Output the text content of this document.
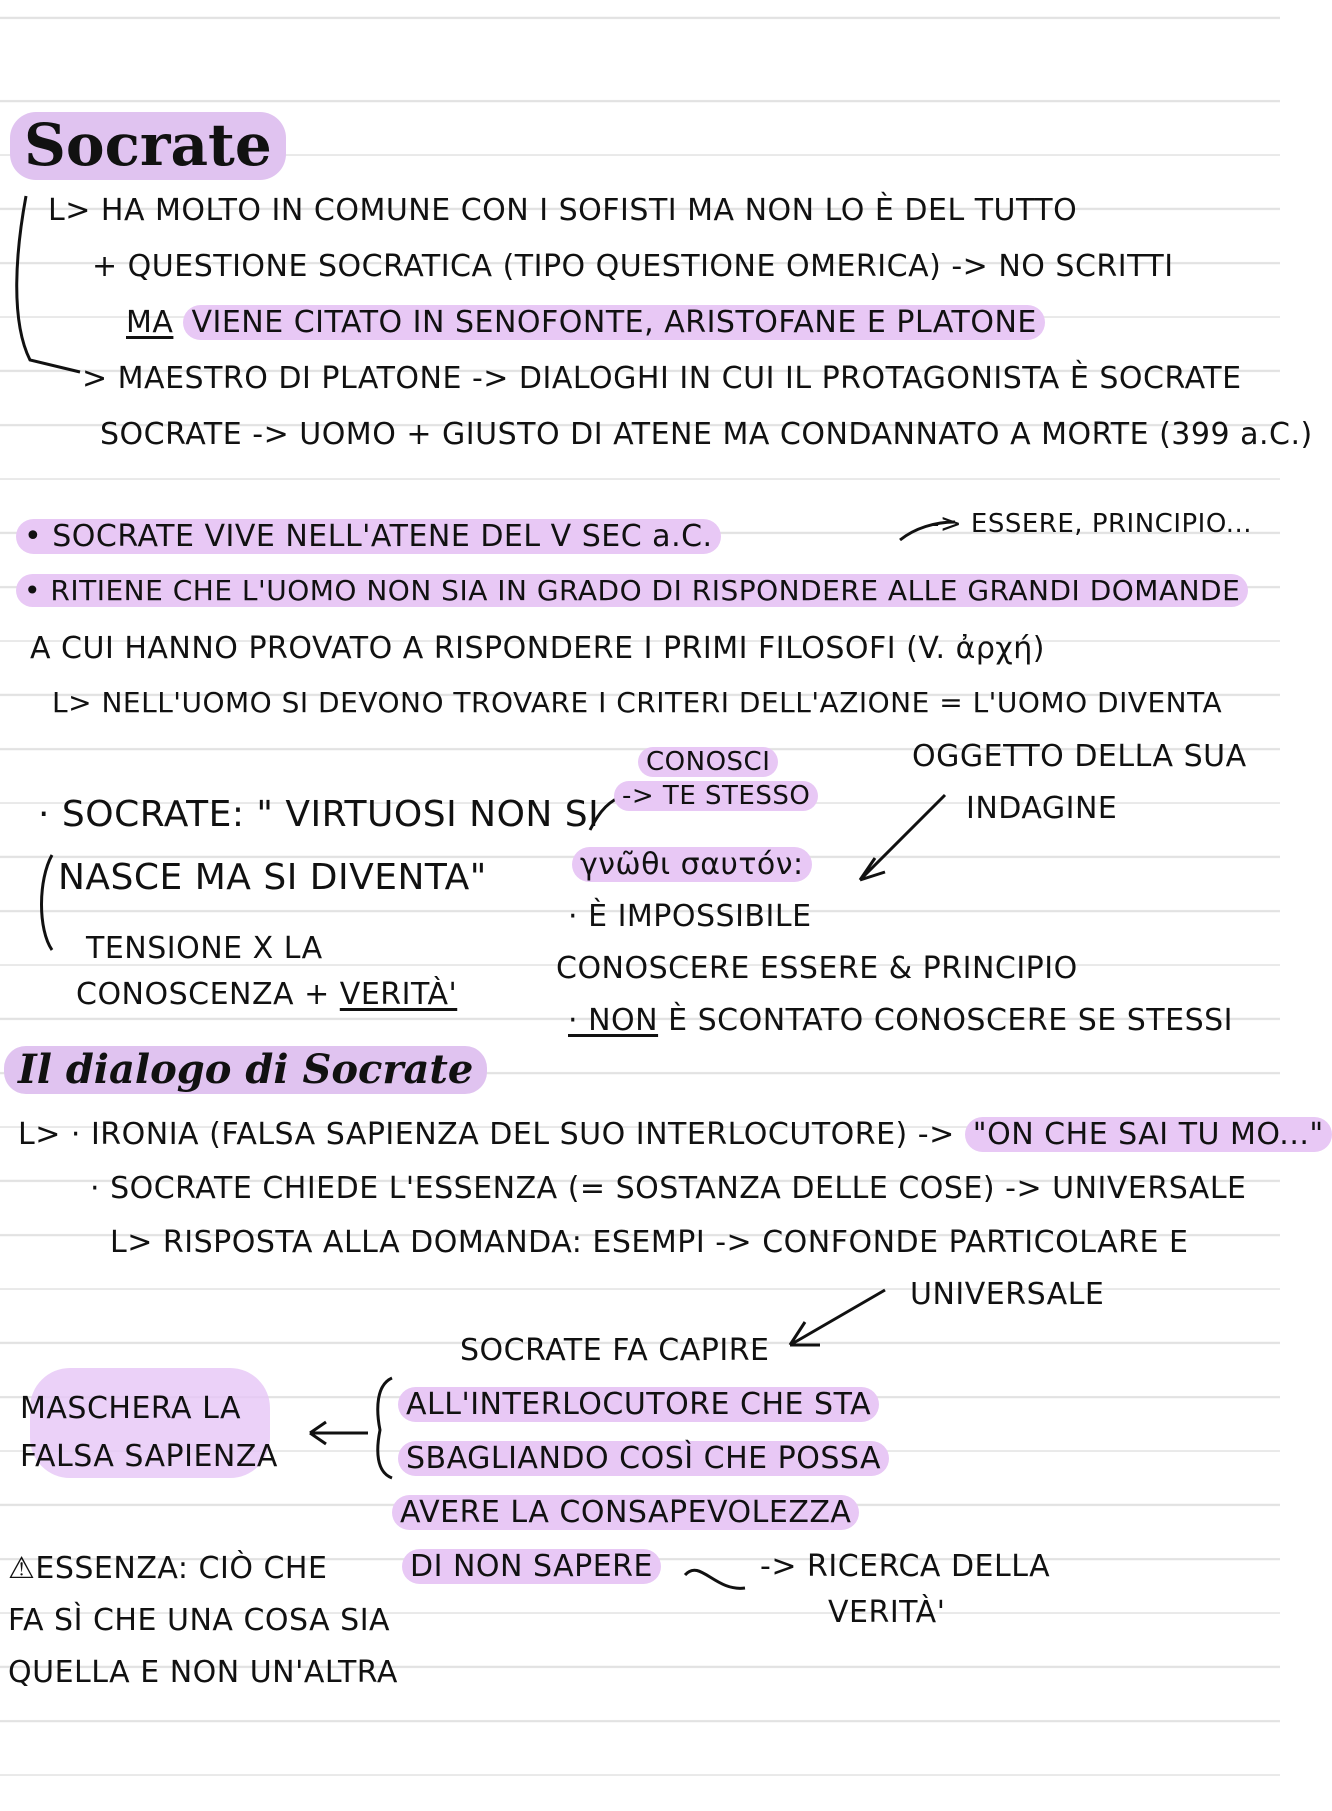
Socrate
L> HA MOLTO IN COMUNE CON I SOFISTI MA NON LO È DEL TUTTO
+ QUESTIONE SOCRATICA (TIPO QUESTIONE OMERICA) -> NO SCRITTI
MA VIENE CITATO IN SENOFONTE, ARISTOFANE E PLATONE
> MAESTRO DI PLATONE -> DIALOGHI IN CUI IL PROTAGONISTA È SOCRATE
SOCRATE -> UOMO + GIUSTO DI ATENE MA CONDANNATO A MORTE (399 a.C.)
-> ESSERE, PRINCIPIO...
• SOCRATE VIVE NELL'ATENE DEL V SEC a.C.
• RITIENE CHE L'UOMO NON SIA IN GRADO DI RISPONDERE ALLE GRANDI DOMANDE
A CUI HANNO PROVATO A RISPONDERE I PRIMI FILOSOFI (V. ἀρχή)
L> NELL'UOMO SI DEVONO TROVARE I CRITERI DELL'AZIONE = L'UOMO DIVENTA
OGGETTO DELLA SUA
INDAGINE
· SOCRATE: " VIRTUOSI NON SI
NASCE MA SI DIVENTA"
TENSIONE X LA
CONOSCENZA + VERITÀ'
CONOSCI
-> TE STESSO
γνῶθι σαυτόν:
· È IMPOSSIBILE
CONOSCERE ESSERE & PRINCIPIO
· NON È SCONTATO CONOSCERE SE STESSI
Il dialogo di Socrate
L> · IRONIA (FALSA SAPIENZA DEL SUO INTERLOCUTORE) -> "ON CHE SAI TU MO..."
· SOCRATE CHIEDE L'ESSENZA (= SOSTANZA DELLE COSE) -> UNIVERSALE
L> RISPOSTA ALLA DOMANDA: ESEMPI -> CONFONDE PARTICOLARE E
UNIVERSALE
SOCRATE FA CAPIRE
ALL'INTERLOCUTORE CHE STA
SBAGLIANDO COSÌ CHE POSSA
AVERE LA CONSAPEVOLEZZA
DI NON SAPERE	-> RICERCA DELLA
VERITÀ'
MASCHERA LA
FALSA SAPIENZA
⚠ESSENZA: CIÒ CHE
FA SÌ CHE UNA COSA SIA
QUELLA E NON UN'ALTRA
